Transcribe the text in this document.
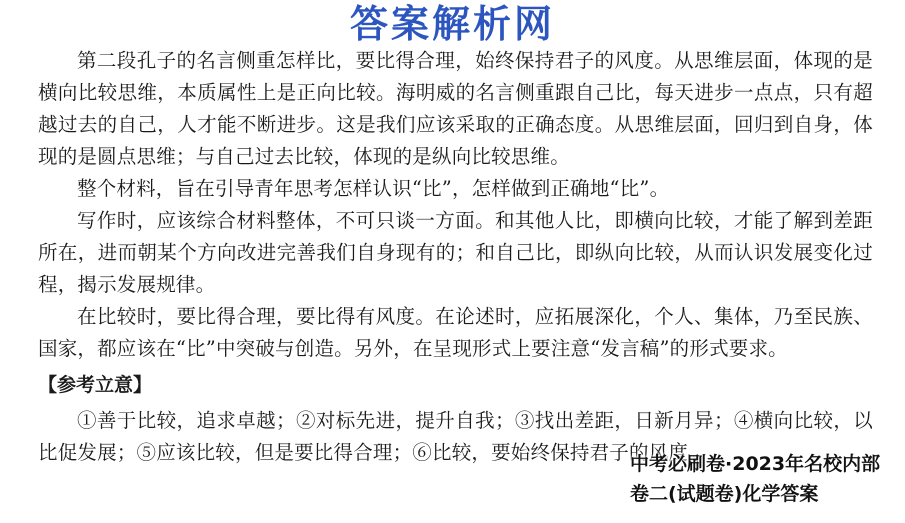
答案解析网

第二段孔子的名言侧重怎样比，要比得合理，始终保持君子的风度。从思维层面，体现的是横向比较思维，本质属性上是正向比较。海明威的名言侧重跟自己比，每天进步一点点，只有超越过去的自己，人才能不断进步。这是我们应该采取的正确态度。从思维层面，回归到自身，体现的是圆点思维；与自己过去比较，体现的是纵向比较思维。

整个材料，旨在引导青年思考怎样认识“比”，怎样做到正确地“比”。

写作时，应该综合材料整体，不可只谈一方面。和其他人比，即横向比较，才能了解到差距所在，进而朝某个方向改进完善我们自身现有的；和自己比，即纵向比较，从而认识发展变化过程，揭示发展规律。

在比较时，要比得合理，要比得有风度。在论述时，应拓展深化，个人、集体，乃至民族、国家，都应该在“比”中突破与创造。另外，在呈现形式上要注意“发言稿”的形式要求。

【参考立意】

①善于比较，追求卓越；②对标先进，提升自我；③找出差距，日新月异；④横向比较，以比促发展；⑤应该比较，但是要比得合理；⑥比较，要始终保持君子的风度。

中考必刷卷·2023年名校内部
卷二(试题卷)化学答案
